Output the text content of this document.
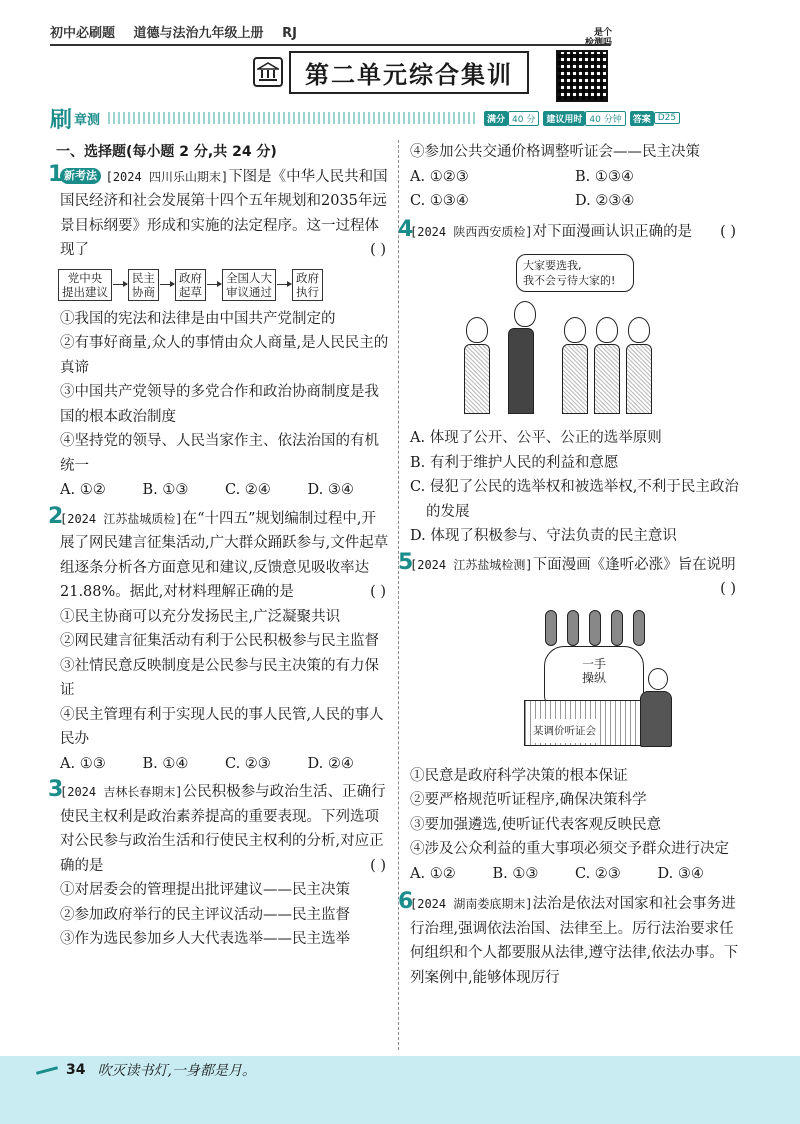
初中必刷题 道德与法治九年级上册 RJ
第二单元综合集训
是个
检测吗
刷 章测	满分 40 分	建议用时 40 分钟	答案 D25
一、选择题(每小题 2 分,共 24 分)
1 新考法 [2024 四川乐山期末]下图是《中华人民共和国国民经济和社会发展第十四个五年规划和2035年远景目标纲要》形成和实施的法定程序。这一过程体现了	( )
党中央
提出建议
民主
协商
政府
起草
全国人大
审议通过
政府
执行
①我国的宪法和法律是由中国共产党制定的
②有事好商量,众人的事情由众人商量,是人民民主的真谛
③中国共产党领导的多党合作和政治协商制度是我国的根本政治制度
④坚持党的领导、人民当家作主、依法治国的有机统一
A. ①②	B. ①③	C. ②④	D. ③④
2
[2024 江苏盐城质检]在“十四五”规划编制过程中,开展了网民建言征集活动,广大群众踊跃参与,文件起草组逐条分析各方面意见和建议,反馈意见吸收率达 21.88%。据此,对材料理解正确的是	( )
①民主协商可以充分发扬民主,广泛凝聚共识
②网民建言征集活动有利于公民积极参与民主监督
③社情民意反映制度是公民参与民主决策的有力保证
④民主管理有利于实现人民的事人民管,人民的事人民办
A. ①③	B. ①④	C. ②③	D. ②④
3
[2024 吉林长春期末]公民积极参与政治生活、正确行使民主权利是政治素养提高的重要表现。下列选项对公民参与政治生活和行使民主权利的分析,对应正确的是	( )
①对居委会的管理提出批评建议——民主决策
②参加政府举行的民主评议活动——民主监督
③作为选民参加乡人大代表选举——民主选举
④参加公共交通价格调整听证会——民主决策
A. ①②③	B. ①③④
C. ①③④	D. ②③④
4
[2024 陕西西安质检]对下面漫画认识正确的是 ( )
大家要选我,
我不会亏待大家的!
A. 体现了公开、公平、公正的选举原则
B. 有利于维护人民的利益和意愿
C. 侵犯了公民的选举权和被选举权,不利于民主政治的发展
D. 体现了积极参与、守法负责的民主意识
5
[2024 江苏盐城检测]下面漫画《逢听必涨》旨在说明
( )
一手
操纵
某调价听证会
①民意是政府科学决策的根本保证
②要严格规范听证程序,确保决策科学
③要加强遴选,使听证代表客观反映民意
④涉及公众利益的重大事项必须交予群众进行决定
A. ①②	B. ①③	C. ②③	D. ③④
6
[2024 湖南娄底期末]法治是依法对国家和社会事务进行治理,强调依法治国、法律至上。厉行法治要求任何组织和个人都要服从法律,遵守法律,依法办事。下列案例中,能够体现厉行
34 吹灭读书灯,一身都是月。
